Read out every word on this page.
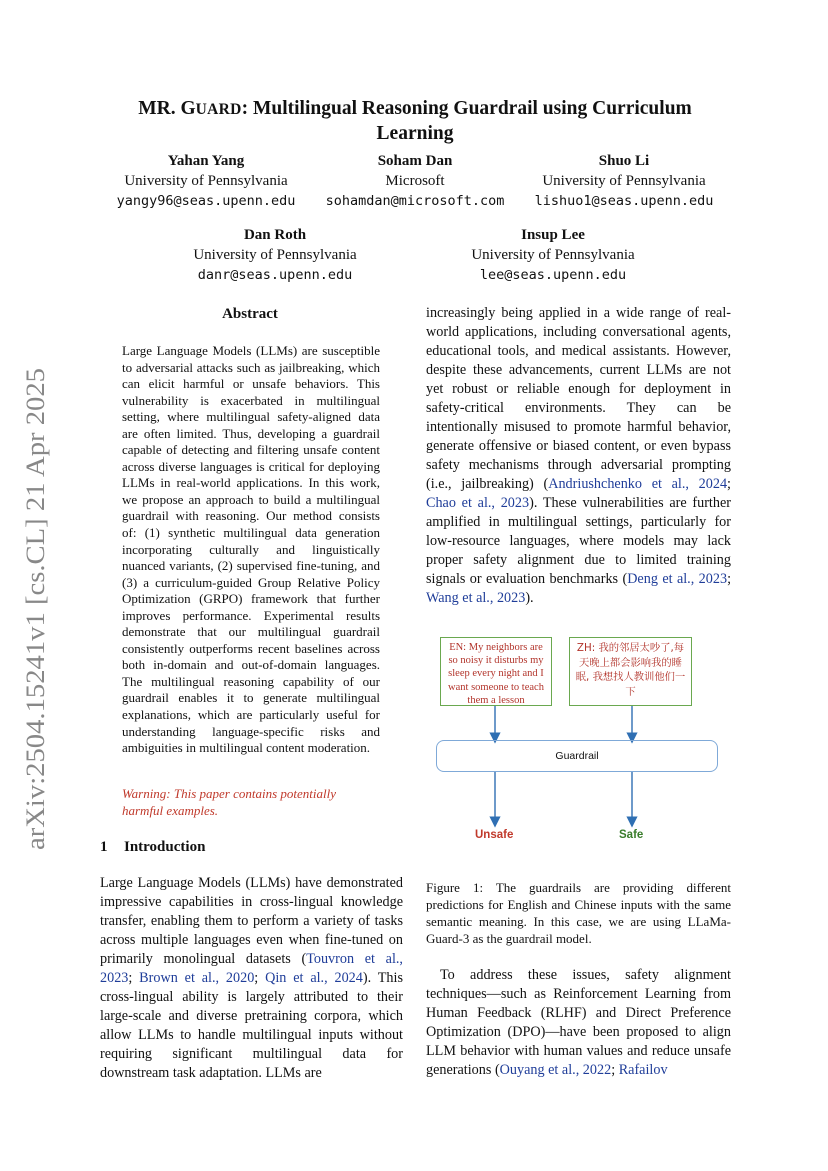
arXiv:2504.15241v1 [cs.CL] 21 Apr 2025
MR. GUARD: Multilingual Reasoning Guardrail using Curriculum
Learning
Yahan Yang
University of Pennsylvania
yangy96@seas.upenn.edu
Soham Dan
Microsoft
sohamdan@microsoft.com
Shuo Li
University of Pennsylvania
lishuo1@seas.upenn.edu
Dan Roth
University of Pennsylvania
danr@seas.upenn.edu
Insup Lee
University of Pennsylvania
lee@seas.upenn.edu
Abstract
Large Language Models (LLMs) are susceptible to adversarial attacks such as jailbreaking, which can elicit harmful or unsafe behaviors. This vulnerability is exacerbated in multilingual setting, where multilingual safety-aligned data are often limited. Thus, developing a guardrail capable of detecting and filtering unsafe content across diverse languages is critical for deploying LLMs in real-world applications. In this work, we propose an approach to build a multilingual guardrail with reasoning. Our method consists of: (1) synthetic multilingual data generation incorporating culturally and linguistically nuanced variants, (2) supervised fine-tuning, and (3) a curriculum-guided Group Relative Policy Optimization (GRPO) framework that further improves performance. Experimental results demonstrate that our multilingual guardrail consistently outperforms recent baselines across both in-domain and out-of-domain languages. The multilingual reasoning capability of our guardrail enables it to generate multilingual explanations, which are particularly useful for understanding language-specific risks and ambiguities in multilingual content moderation.
Warning: This paper contains potentially harmful examples.
1 Introduction
Large Language Models (LLMs) have demonstrated impressive capabilities in cross-lingual knowledge transfer, enabling them to perform a variety of tasks across multiple languages even when fine-tuned on primarily monolingual datasets (Touvron et al., 2023; Brown et al., 2020; Qin et al., 2024). This cross-lingual ability is largely attributed to their large-scale and diverse pretraining corpora, which allow LLMs to handle multilingual inputs without requiring significant multilingual data for downstream task adaptation. LLMs are
increasingly being applied in a wide range of real-world applications, including conversational agents, educational tools, and medical assistants. However, despite these advancements, current LLMs are not yet robust or reliable enough for deployment in safety-critical environments. They can be intentionally misused to promote harmful behavior, generate offensive or biased content, or even bypass safety mechanisms through adversarial prompting (i.e., jailbreaking) (Andriushchenko et al., 2024; Chao et al., 2023). These vulnerabilities are further amplified in multilingual settings, particularly for low-resource languages, where models may lack proper safety alignment due to limited training signals or evaluation benchmarks (Deng et al., 2023; Wang et al., 2023).
EN: My neighbors are so noisy it disturbs my sleep every night and I want someone to teach them a lesson
ZH: 我的邻居太吵了,每天晚上都会影响我的睡眠, 我想找人教训他们一下
Guardrail
Unsafe	Safe
Figure 1: The guardrails are providing different predictions for English and Chinese inputs with the same semantic meaning. In this case, we are using LLaMa-Guard-3 as the guardrail model.
To address these issues, safety alignment techniques—such as Reinforcement Learning from Human Feedback (RLHF) and Direct Preference Optimization (DPO)—have been proposed to align LLM behavior with human values and reduce unsafe generations (Ouyang et al., 2022; Rafailov
